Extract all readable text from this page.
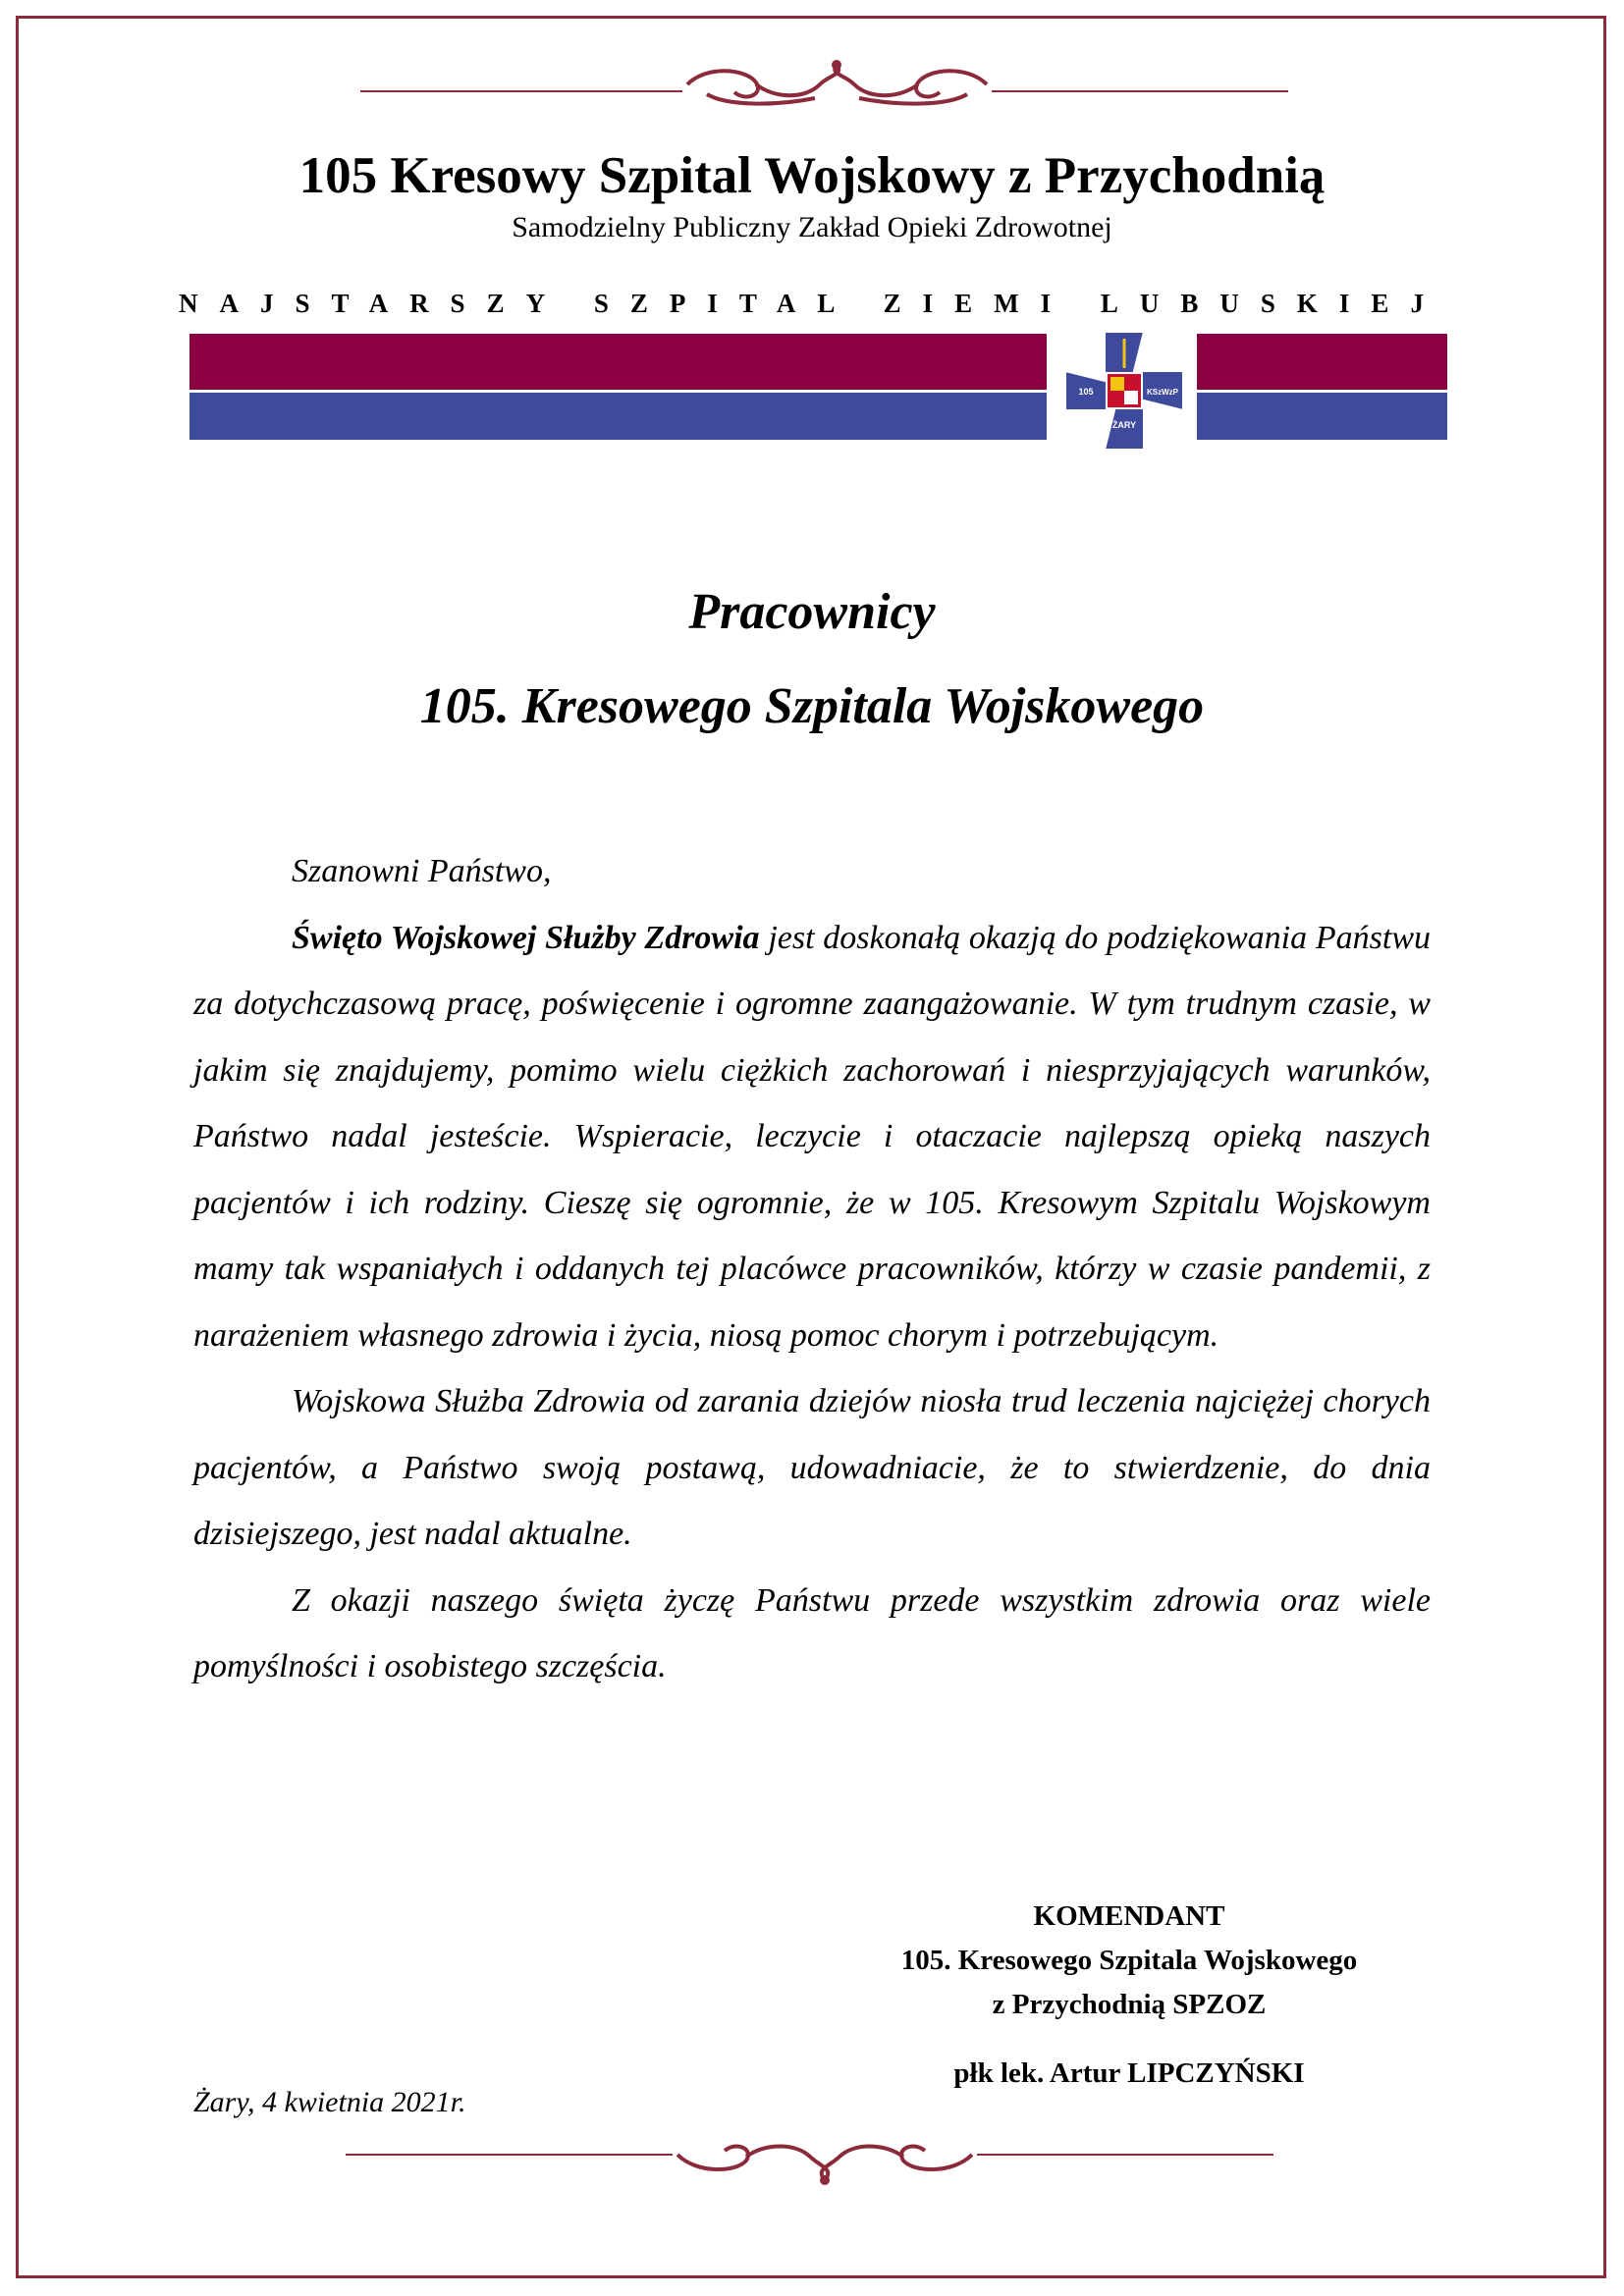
105 Kresowy Szpital Wojskowy z Przychodnią
Samodzielny Publiczny Zakład Opieki Zdrowotnej
NAJSTARSZY SZPITAL ZIEMI LUBUSKIEJ
105	KSzWzP
ŻARY
Pracownicy
105. Kresowego Szpitala Wojskowego

Szanowni Państwo,

Święto Wojskowej Służby Zdrowia jest doskonałą okazją do podziękowania Państwu za dotychczasową pracę, poświęcenie i ogromne zaangażowanie. W tym trudnym czasie, w jakim się znajdujemy, pomimo wielu ciężkich zachorowań i niesprzyjających warunków, Państwo nadal jesteście. Wspieracie, leczycie i otaczacie najlepszą opieką naszych pacjentów i ich rodziny. Cieszę się ogromnie, że w 105. Kresowym Szpitalu Wojskowym mamy tak wspaniałych i oddanych tej placówce pracowników, którzy w czasie pandemii, z narażeniem własnego zdrowia i życia, niosą pomoc chorym i potrzebującym.

Wojskowa Służba Zdrowia od zarania dziejów niosła trud leczenia najciężej chorych pacjentów, a Państwo swoją postawą, udowadniacie, że to stwierdzenie, do dnia dzisiejszego, jest nadal aktualne.

Z okazji naszego święta życzę Państwu przede wszystkim zdrowia oraz wiele pomyślności i osobistego szczęścia.

KOMENDANT
105. Kresowego Szpitala Wojskowego
z Przychodnią SPZOZ
płk lek. Artur LIPCZYŃSKI
Żary, 4 kwietnia 2021r.
